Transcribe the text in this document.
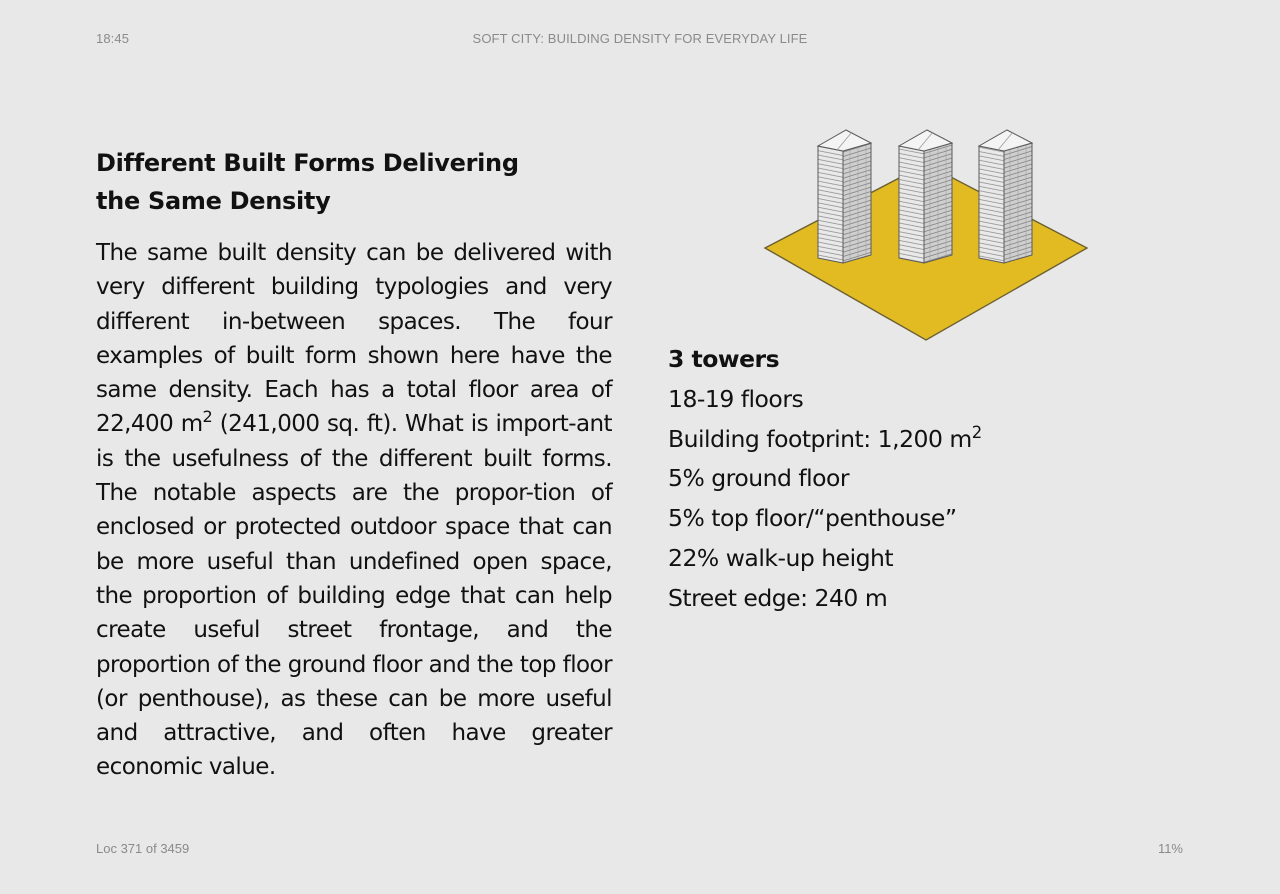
18:45	SOFT CITY: BUILDING DENSITY FOR EVERYDAY LIFE
Different Built Forms Delivering
the Same Density

The same built density can be delivered with very different building typologies and very different in-between spaces. The four examples of built form shown here have the same density. Each has a total floor area of 22,400 $m^2$ (241,000 sq. ft). What is import-ant is the usefulness of the different built forms. The notable aspects are the propor-tion of enclosed or protected outdoor space that can be more useful than undefined open space, the proportion of building edge that can help create useful street frontage, and the proportion of the ground floor and the top floor (or penthouse), as these can be more useful and attractive, and often have greater economic value.

3 towers
18-19 floors
Building footprint: 1,200 $m^2$
5% ground floor
5% top floor/“penthouse”
22% walk-up height
Street edge: 240 m
Loc 371 of 3459	11%
